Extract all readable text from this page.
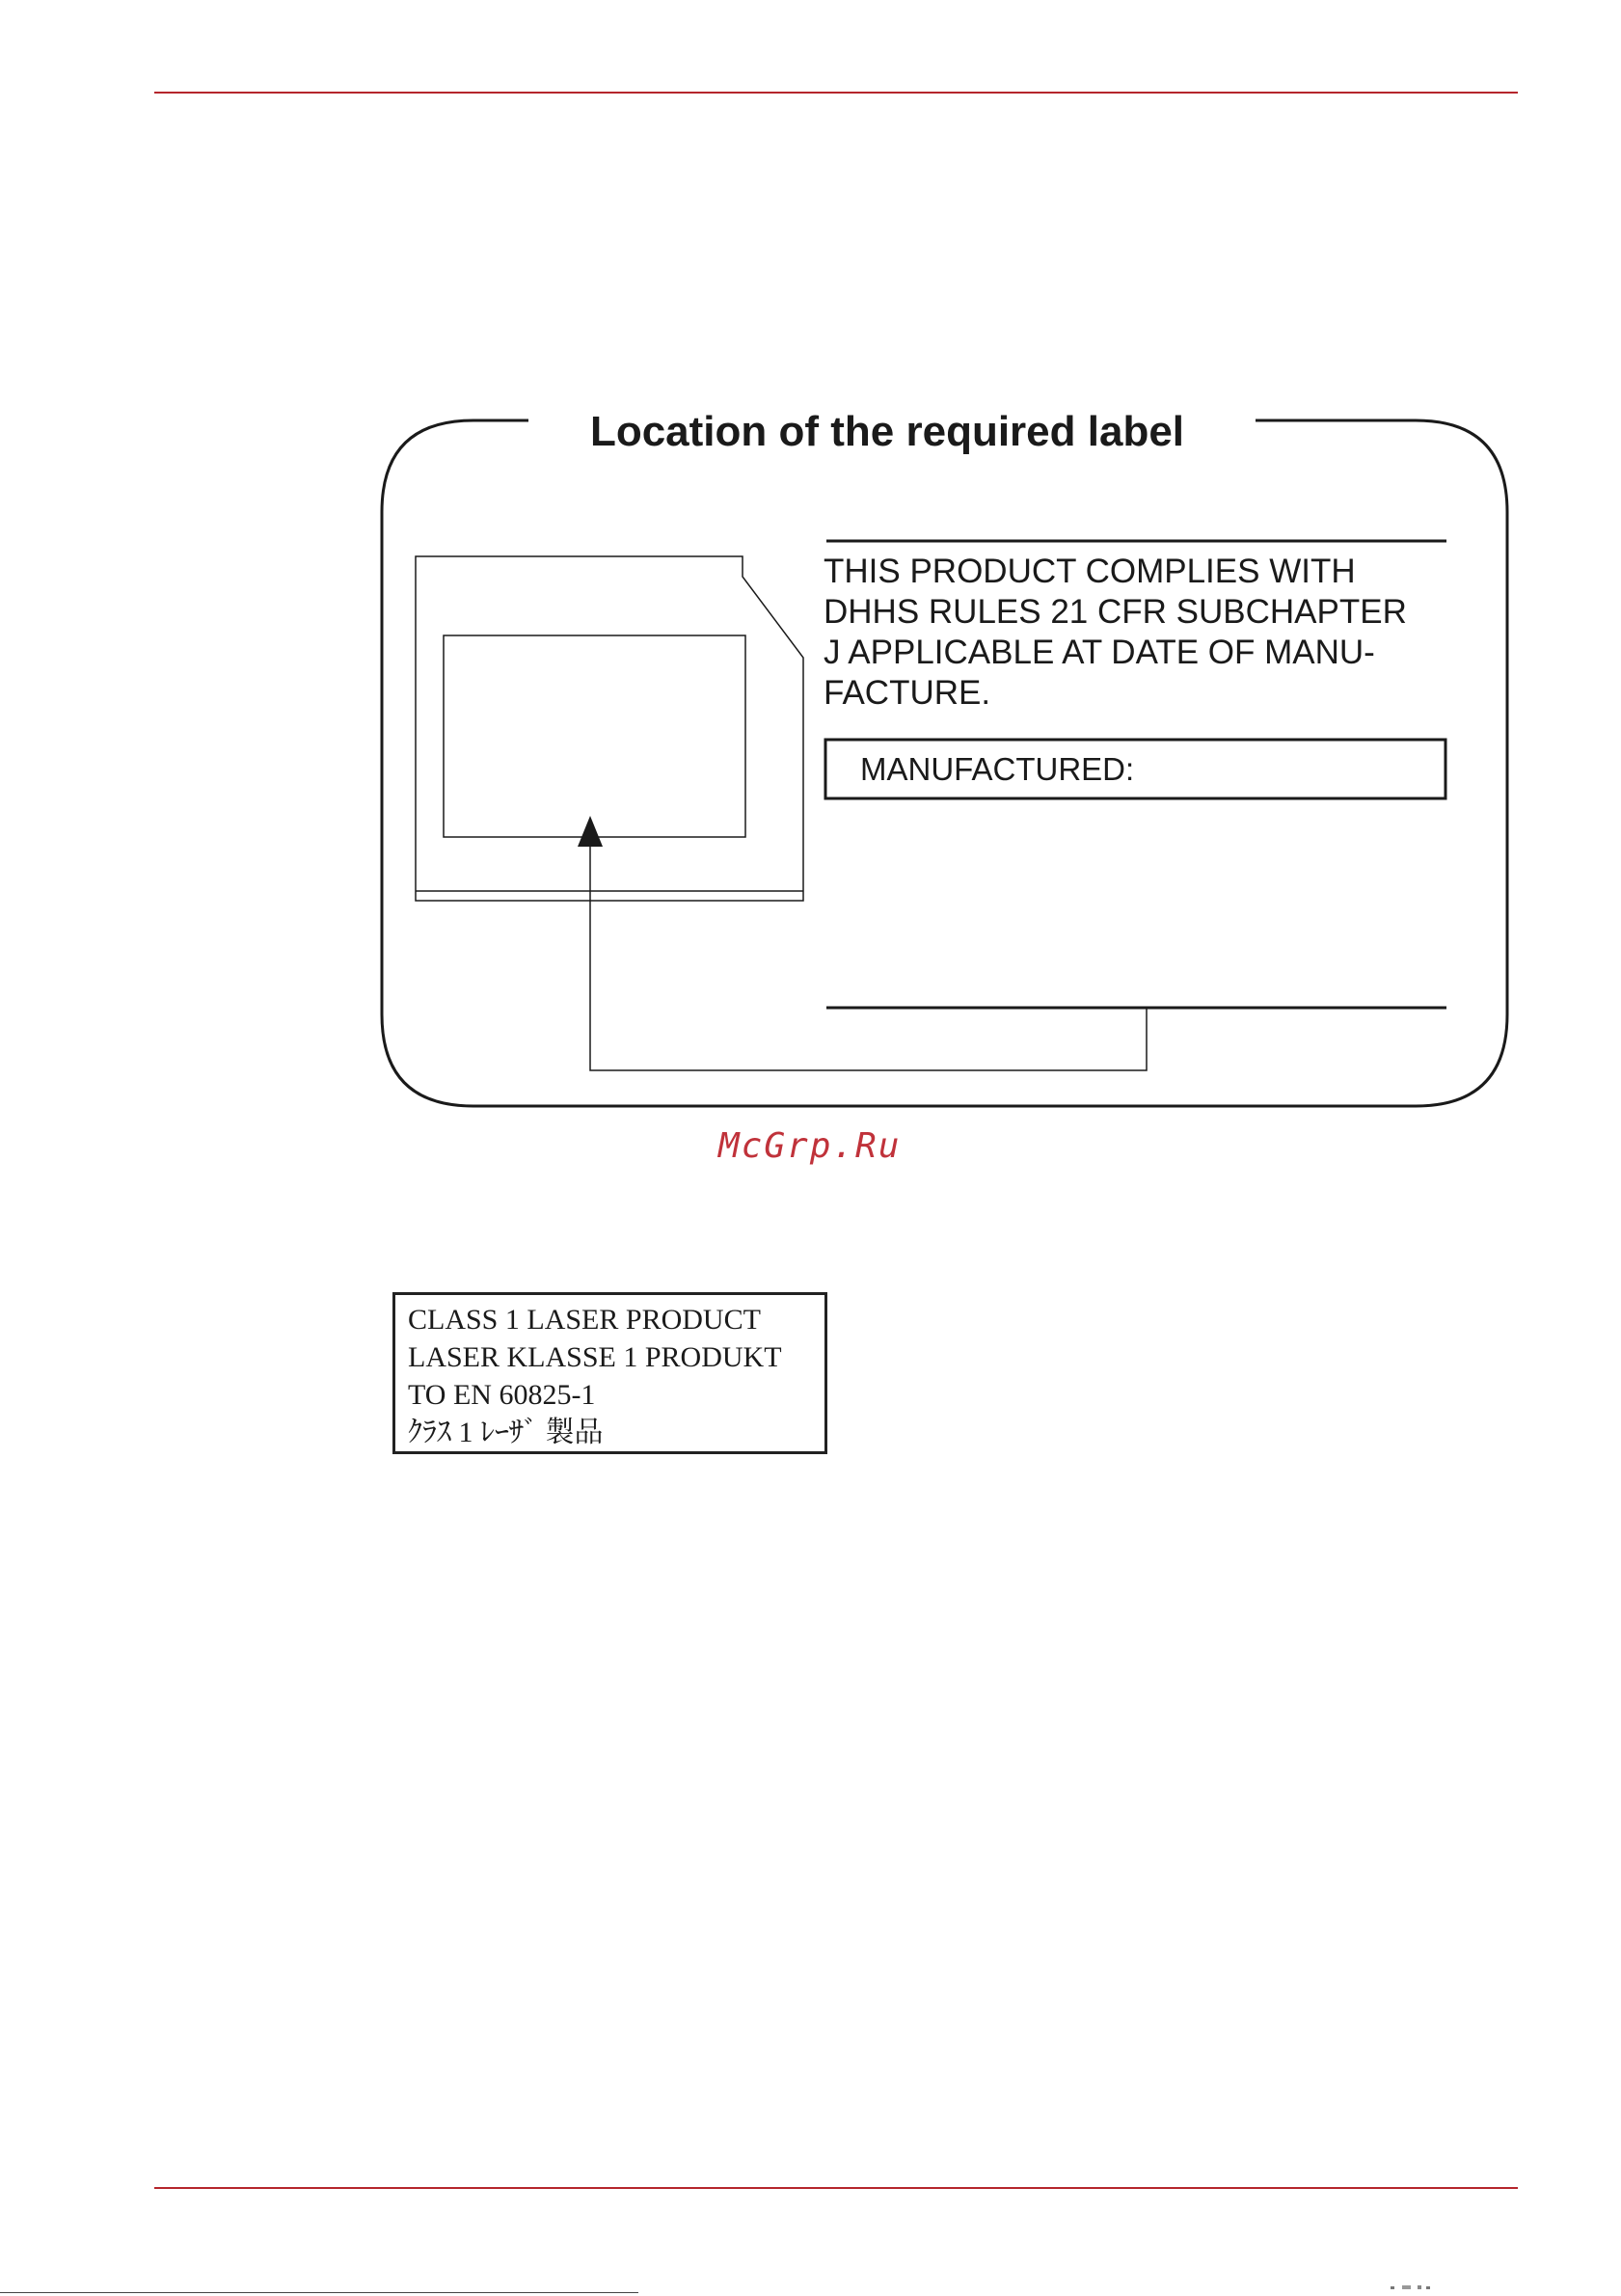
Location of the required label
THIS PRODUCT COMPLIES WITH
DHHS RULES 21 CFR SUBCHAPTER
J APPLICABLE AT DATE OF MANU-
FACTURE.
MANUFACTURED:
McGrp.Ru
CLASS 1 LASER PRODUCT
LASER KLASSE 1 PRODUKT
TO EN 60825-1
ｸﾗｽ 1 ﾚｰｻﾞ 製品
